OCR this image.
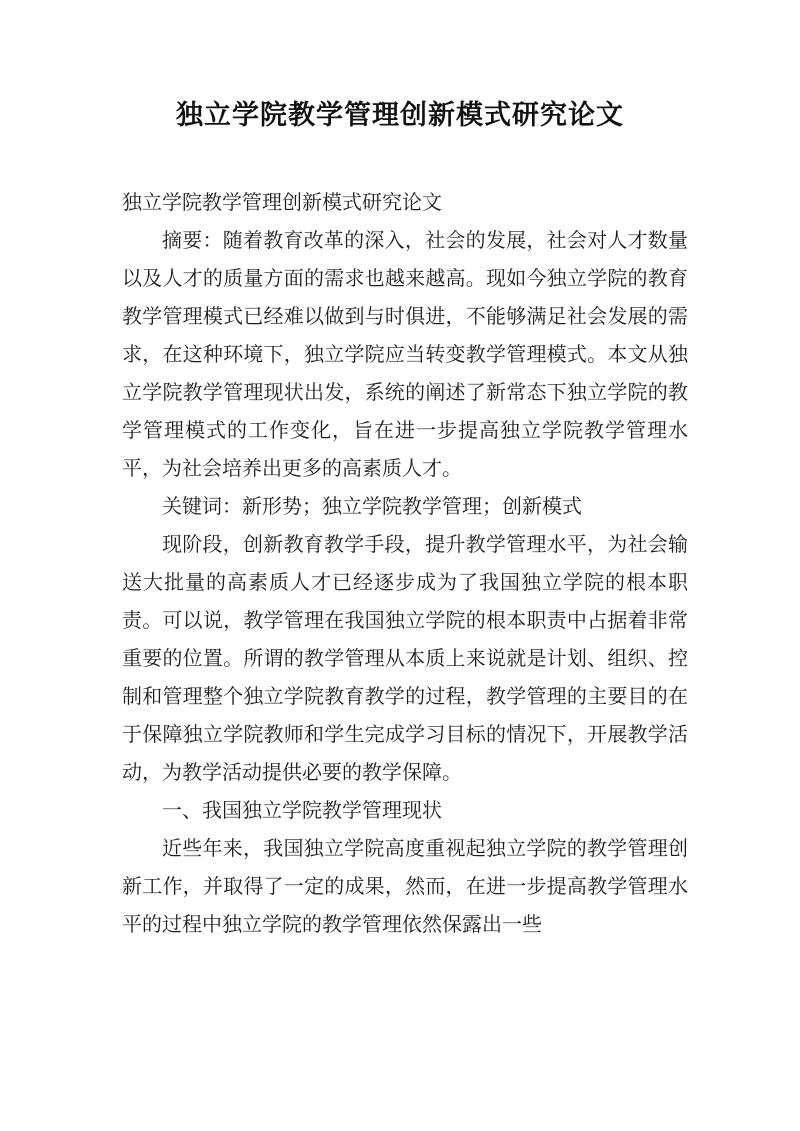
独立学院教学管理创新模式研究论文

独立学院教学管理创新模式研究论文

摘要：随着教育改革的深入，社会的发展，社会对人才数量以及人才的质量方面的需求也越来越高。现如今独立学院的教育教学管理模式已经难以做到与时俱进，不能够满足社会发展的需求，在这种环境下，独立学院应当转变教学管理模式。本文从独立学院教学管理现状出发，系统的阐述了新常态下独立学院的教学管理模式的工作变化，旨在进一步提高独立学院教学管理水平，为社会培养出更多的高素质人才。

关键词：新形势；独立学院教学管理；创新模式

现阶段，创新教育教学手段，提升教学管理水平，为社会输送大批量的高素质人才已经逐步成为了我国独立学院的根本职责。可以说，教学管理在我国独立学院的根本职责中占据着非常重要的位置。所谓的教学管理从本质上来说就是计划、组织、控制和管理整个独立学院教育教学的过程，教学管理的主要目的在于保障独立学院教师和学生完成学习目标的情况下，开展教学活动，为教学活动提供必要的教学保障。

一、我国独立学院教学管理现状

近些年来，我国独立学院高度重视起独立学院的教学管理创新工作，并取得了一定的成果，然而，在进一步提高教学管理水平的过程中独立学院的教学管理依然保露出一些
